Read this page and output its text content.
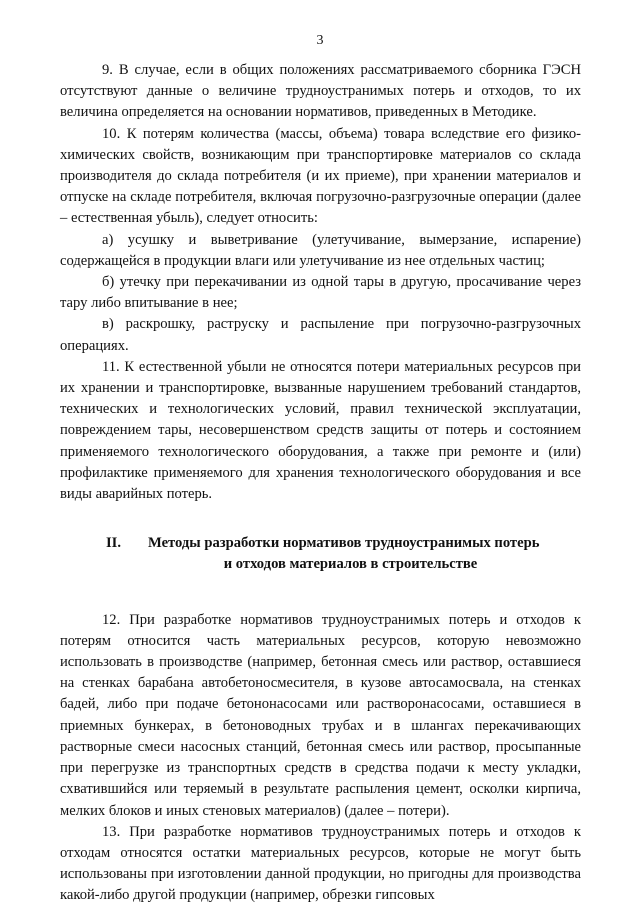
3

9. В случае, если в общих положениях рассматриваемого сборника ГЭСН отсутствуют данные о величине трудноустранимых потерь и отходов, то их величина определяется на основании нормативов, приведенных в Методике.

10. К потерям количества (массы, объема) товара вследствие его физико-химических свойств, возникающим при транспортировке материалов со склада производителя до склада потребителя (и их приеме), при хранении материалов и отпуске на складе потребителя, включая погрузочно-разгрузочные операции (далее – естественная убыль), следует относить:

а) усушку и выветривание (улетучивание, вымерзание, испарение) содержащейся в продукции влаги или улетучивание из нее отдельных частиц;

б) утечку при перекачивании из одной тары в другую, просачивание через тару либо впитывание в нее;

в) раскрошку, раструску и распыление при погрузочно-разгрузочных операциях.

11. К естественной убыли не относятся потери материальных ресурсов при их хранении и транспортировке, вызванные нарушением требований стандартов, технических и технологических условий, правил технической эксплуатации, повреждением тары, несовершенством средств защиты от потерь и состоянием применяемого технологического оборудования, а также при ремонте и (или) профилактике применяемого для хранения технологического оборудования и все виды аварийных потерь.

II. Методы разработки нормативов трудноустранимых потерь
и отходов материалов в строительстве

12. При разработке нормативов трудноустранимых потерь и отходов к потерям относится часть материальных ресурсов, которую невозможно использовать в производстве (например, бетонная смесь или раствор, оставшиеся на стенках барабана автобетоносмесителя, в кузове автосамосвала, на стенках бадей, либо при подаче бетононасосами или растворонасосами, оставшиеся в приемных бункерах, в бетоноводных трубах и в шлангах перекачивающих растворные смеси насосных станций, бетонная смесь или раствор, просыпанные при перегрузке из транспортных средств в средства подачи к месту укладки, схватившийся или теряемый в результате распыления цемент, осколки кирпича, мелких блоков и иных стеновых материалов) (далее – потери).

13. При разработке нормативов трудноустранимых потерь и отходов к отходам относятся остатки материальных ресурсов, которые не могут быть использованы при изготовлении данной продукции, но пригодны для производства какой-либо другой продукции (например, обрезки гипсовых
